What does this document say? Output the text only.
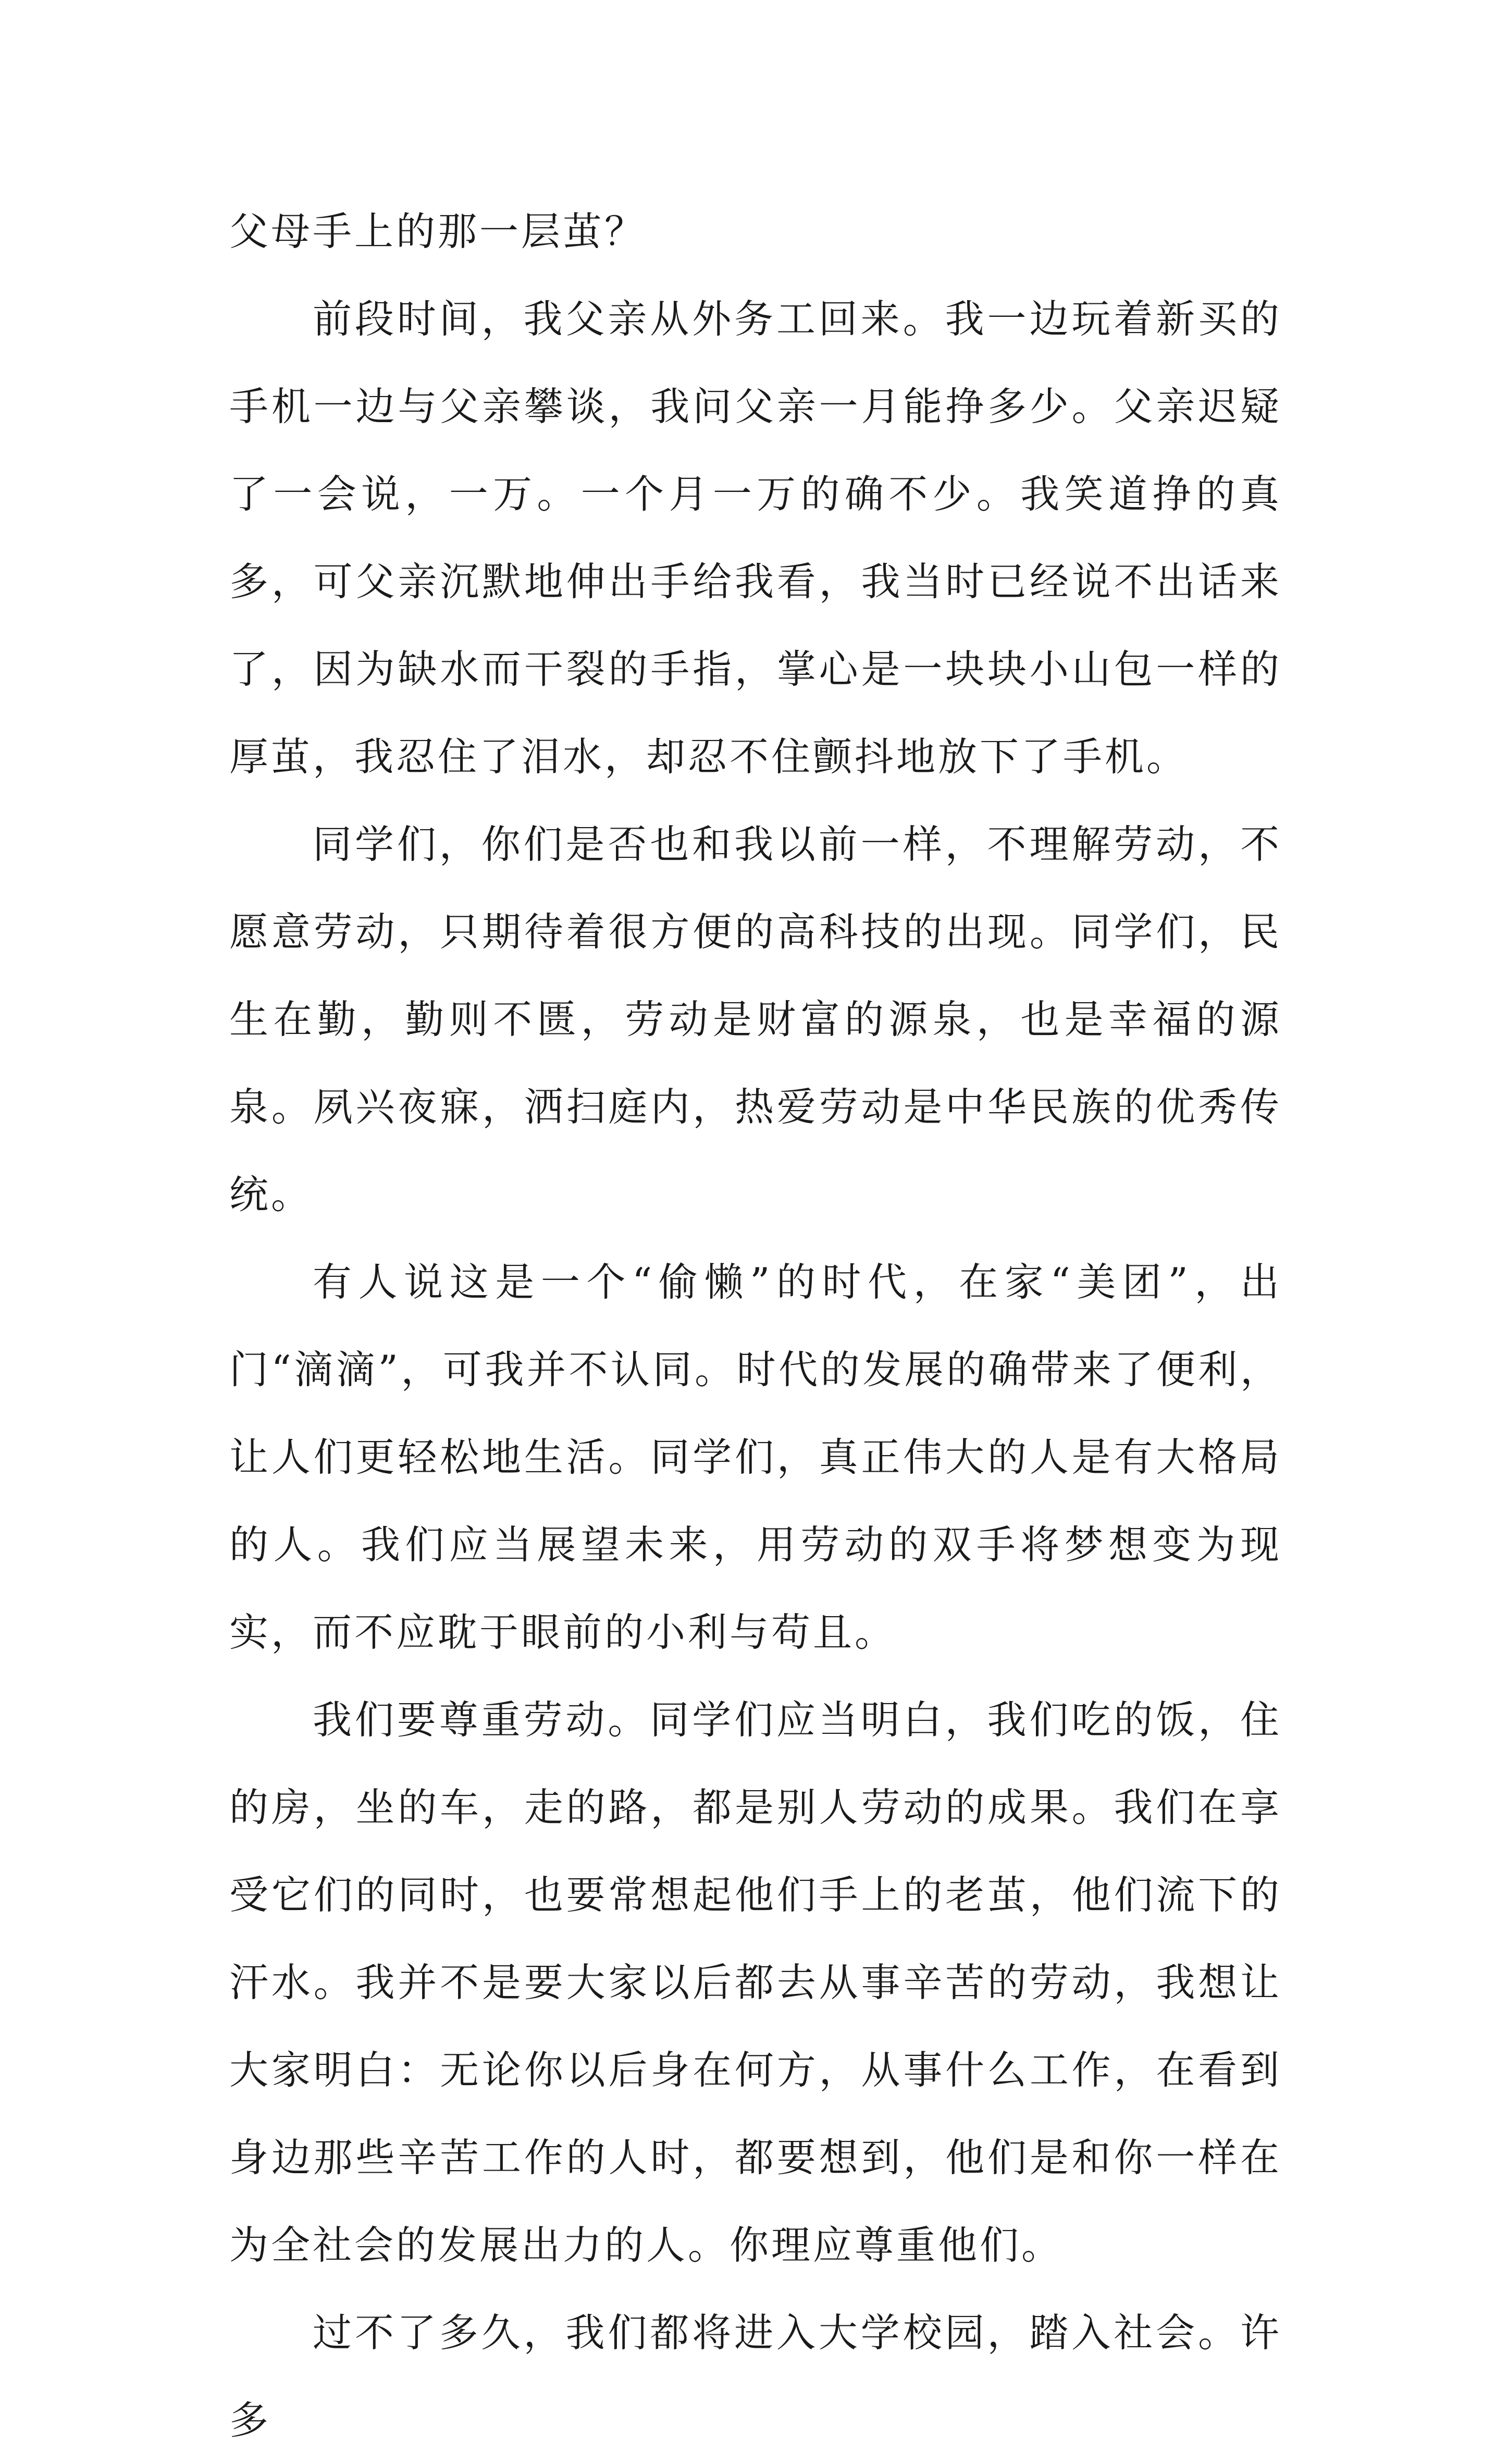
父母手上的那一层茧？

前段时间，我父亲从外务工回来。我一边玩着新买的手机一边与父亲攀谈，我问父亲一月能挣多少。父亲迟疑了一会说，一万。一个月一万的确不少。我笑道挣的真多，可父亲沉默地伸出手给我看，我当时已经说不出话来了，因为缺水而干裂的手指，掌心是一块块小山包一样的厚茧，我忍住了泪水，却忍不住颤抖地放下了手机。

同学们，你们是否也和我以前一样，不理解劳动，不愿意劳动，只期待着很方便的高科技的出现。同学们，民生在勤，勤则不匮，劳动是财富的源泉，也是幸福的源泉。夙兴夜寐，洒扫庭内，热爱劳动是中华民族的优秀传统。

有人说这是一个“偷懒”的时代，在家“美团”，出门“滴滴”，可我并不认同。时代的发展的确带来了便利，让人们更轻松地生活。同学们，真正伟大的人是有大格局的人。我们应当展望未来，用劳动的双手将梦想变为现实，而不应耽于眼前的小利与苟且。

我们要尊重劳动。同学们应当明白，我们吃的饭，住的房，坐的车，走的路，都是别人劳动的成果。我们在享受它们的同时，也要常想起他们手上的老茧，他们流下的汗水。我并不是要大家以后都去从事辛苦的劳动，我想让大家明白：无论你以后身在何方，从事什么工作，在看到身边那些辛苦工作的人时，都要想到，他们是和你一样在为全社会的发展出力的人。你理应尊重他们。

过不了多久，我们都将进入大学校园，踏入社会。许多
